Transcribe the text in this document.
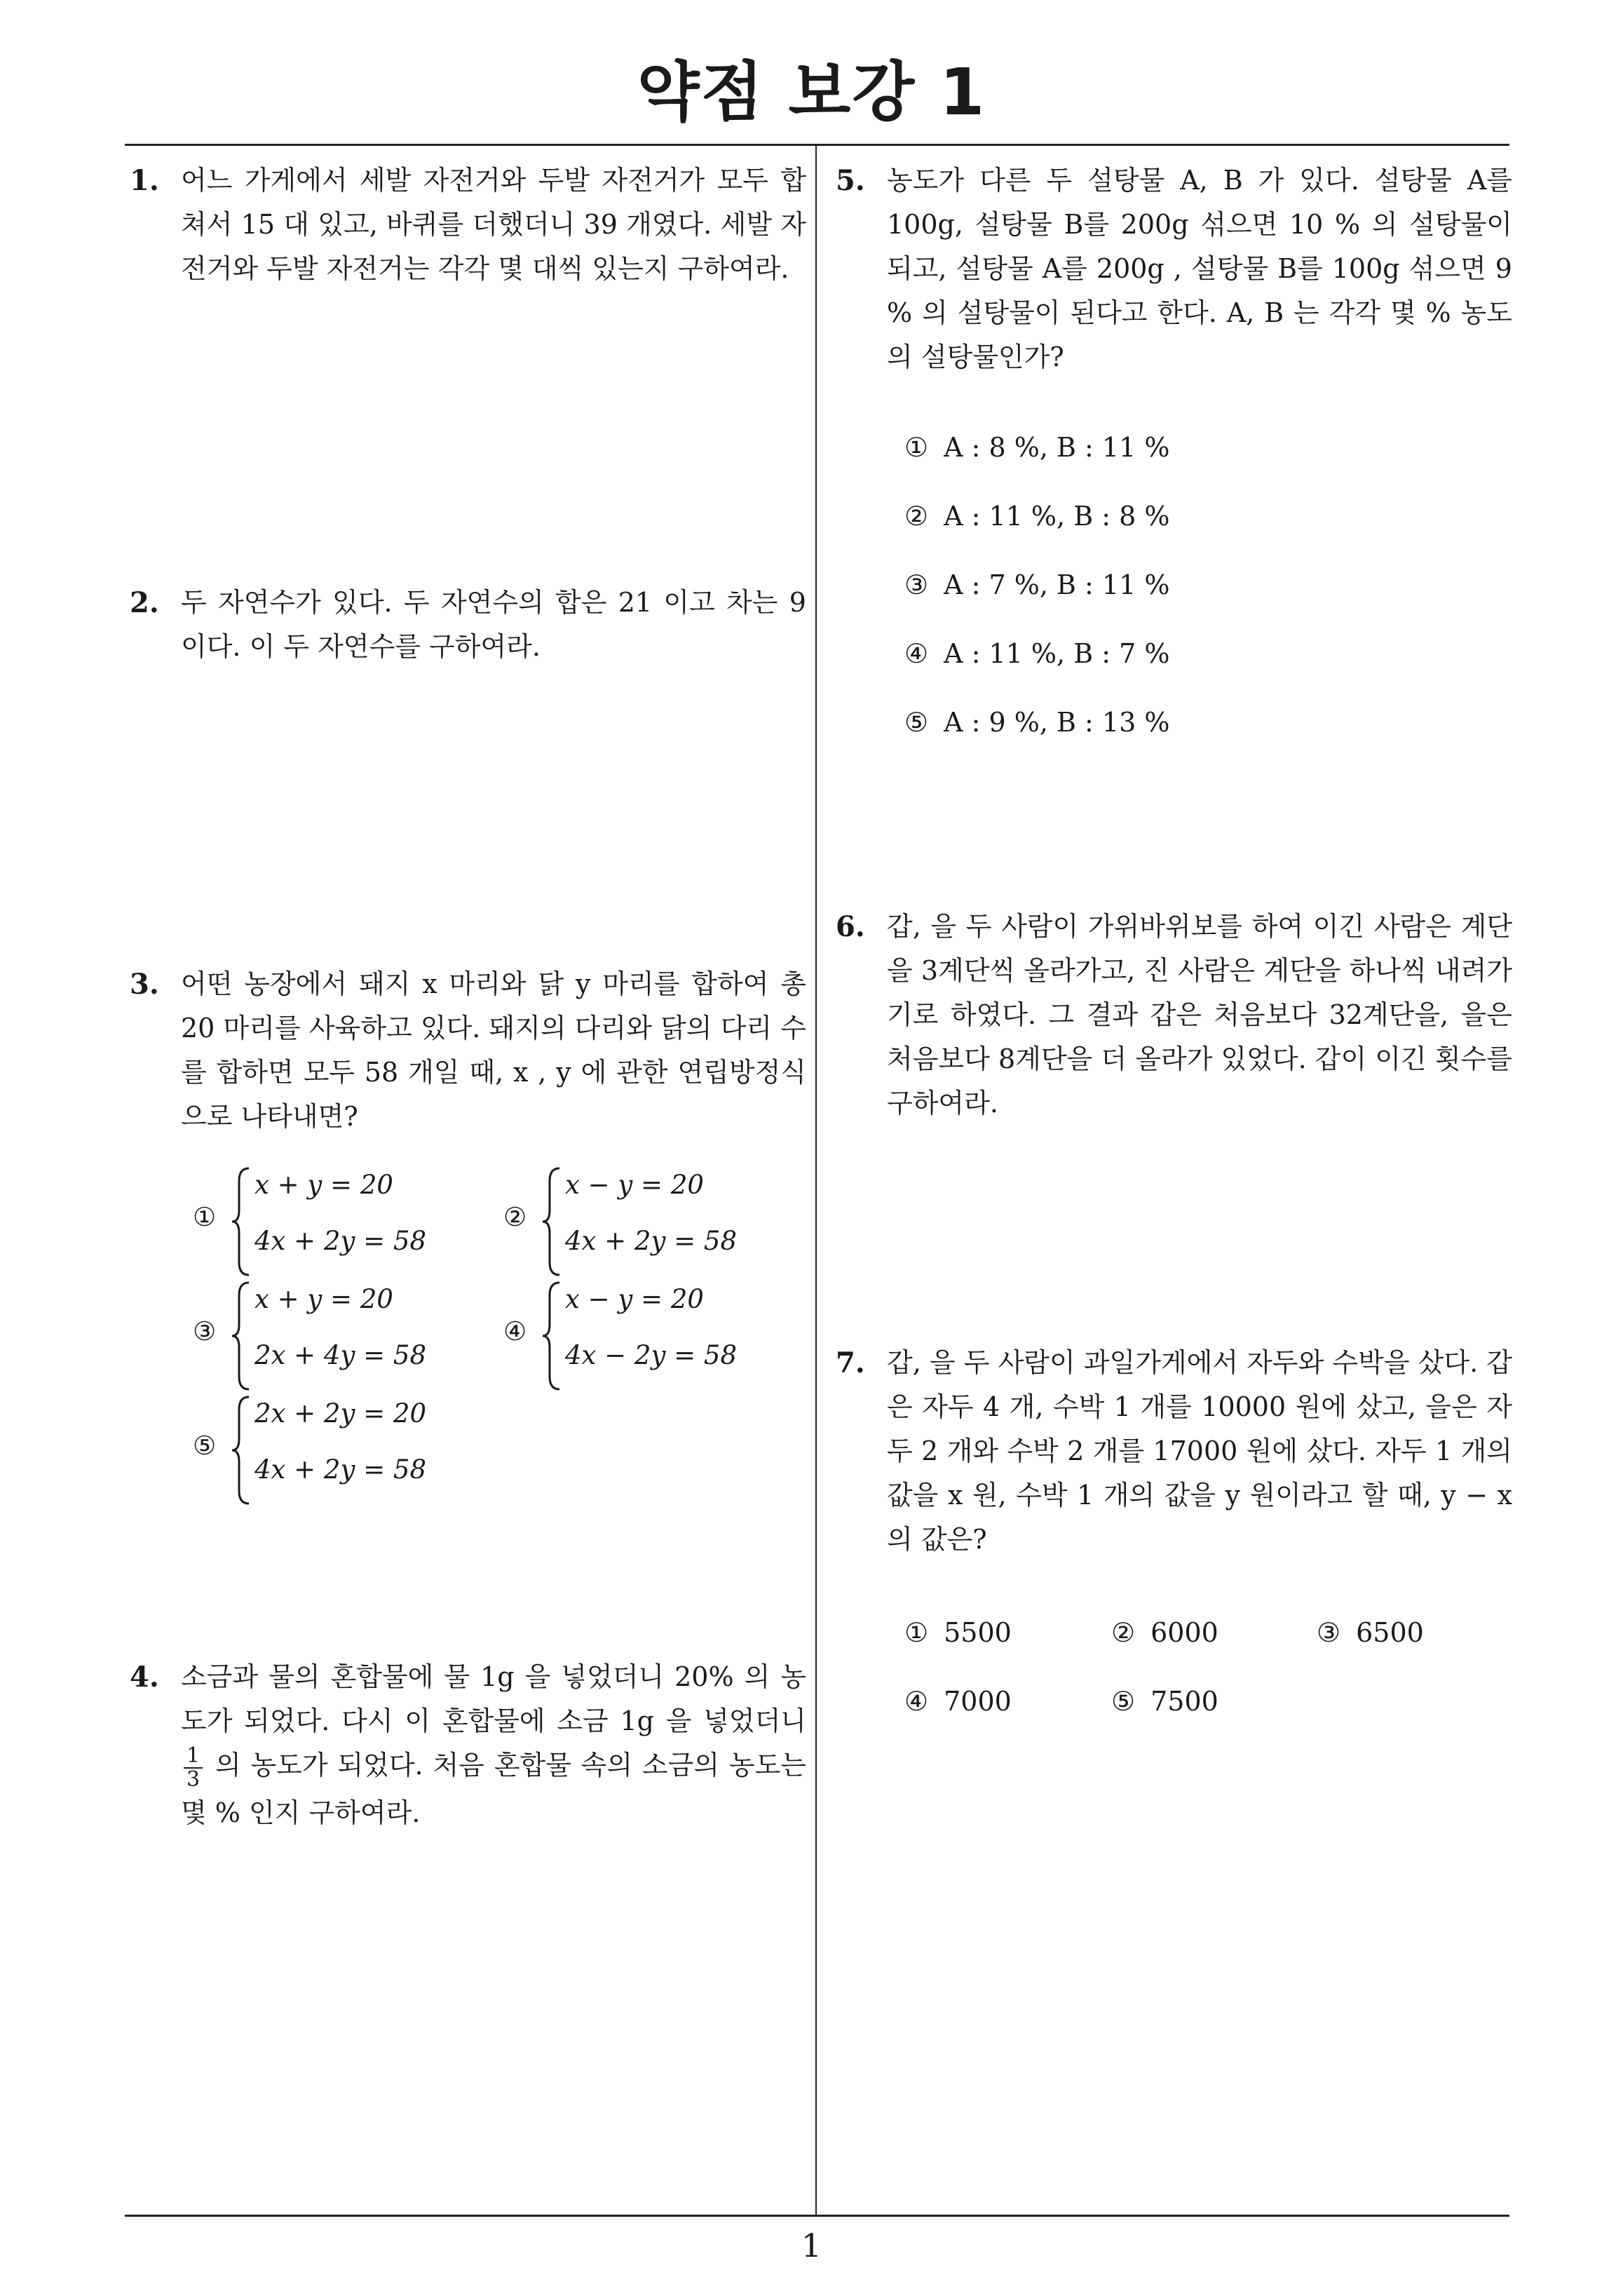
약점 보강 1
1
1. 어느 가게에서 세발 자전거와 두발 자전거가 모두 합쳐서 15 대 있고, 바퀴를 더했더니 39 개였다. 세발 자전거와 두발 자전거는 각각 몇 대씩 있는지 구하여라.
2. 두 자연수가 있다. 두 자연수의 합은 21 이고 차는 9 이다. 이 두 자연수를 구하여라.
3. 어떤 농장에서 돼지 x 마리와 닭 y 마리를 합하여 총 20 마리를 사육하고 있다. 돼지의 다리와 닭의 다리 수를 합하면 모두 58 개일 때, x , y 에 관한 연립방정식으로 나타내면?
①
x + y = 20
4x + 2y = 58
②
x − y = 20
4x + 2y = 58
③
x + y = 20
2x + 4y = 58
④
x − y = 20
4x − 2y = 58
⑤
2x + 2y = 20
4x + 2y = 58
4. 소금과 물의 혼합물에 물 1g 을 넣었더니 20% 의 농도가 되었다. 다시 이 혼합물에 소금 1g 을 넣었더니
$\frac{1}{3}$ 의 농도가 되었다. 처음 혼합물 속의 소금의 농도는 몇 % 인지 구하여라.
5. 농도가 다른 두 설탕물 A, B 가 있다. 설탕물 A를 100g, 설탕물 B를 200g 섞으면 10 % 의 설탕물이 되고, 설탕물 A를 200g , 설탕물 B를 100g 섞으면 9 % 의 설탕물이 된다고 한다. A, B 는 각각 몇 % 농도의 설탕물인가?
① A : 8 %, B : 11 %
② A : 11 %, B : 8 %
③ A : 7 %, B : 11 %
④ A : 11 %, B : 7 %
⑤ A : 9 %, B : 13 %
6. 갑, 을 두 사람이 가위바위보를 하여 이긴 사람은 계단을 3계단씩 올라가고, 진 사람은 계단을 하나씩 내려가기로 하였다. 그 결과 갑은 처음보다 32계단을, 을은 처음보다 8계단을 더 올라가 있었다. 갑이 이긴 횟수를 구하여라.
7. 갑, 을 두 사람이 과일가게에서 자두와 수박을 샀다. 갑은 자두 4 개, 수박 1 개를 10000 원에 샀고, 을은 자두 2 개와 수박 2 개를 17000 원에 샀다. 자두 1 개의 값을 x 원, 수박 1 개의 값을 y 원이라고 할 때, y − x 의 값은?
① 5500	② 6000	③ 6500
④ 7000	⑤ 7500
